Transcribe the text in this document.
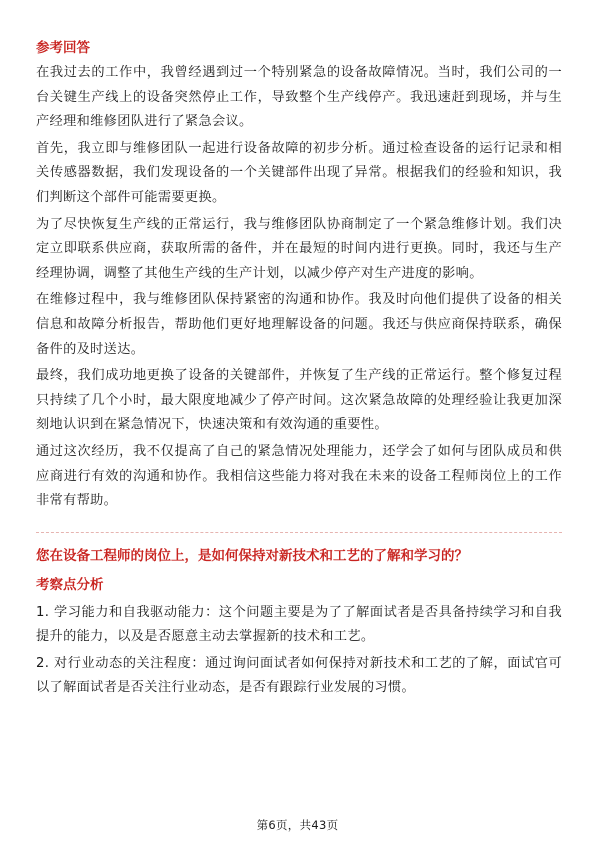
参考回答

在我过去的工作中，我曾经遇到过一个特别紧急的设备故障情况。当时，我们公司的一台关键生产线上的设备突然停止工作，导致整个生产线停产。我迅速赶到现场，并与生产经理和维修团队进行了紧急会议。

首先，我立即与维修团队一起进行设备故障的初步分析。通过检查设备的运行记录和相关传感器数据，我们发现设备的一个关键部件出现了异常。根据我们的经验和知识，我们判断这个部件可能需要更换。

为了尽快恢复生产线的正常运行，我与维修团队协商制定了一个紧急维修计划。我们决定立即联系供应商，获取所需的备件，并在最短的时间内进行更换。同时，我还与生产经理协调，调整了其他生产线的生产计划，以减少停产对生产进度的影响。

在维修过程中，我与维修团队保持紧密的沟通和协作。我及时向他们提供了设备的相关信息和故障分析报告，帮助他们更好地理解设备的问题。我还与供应商保持联系，确保备件的及时送达。

最终，我们成功地更换了设备的关键部件，并恢复了生产线的正常运行。整个修复过程只持续了几个小时，最大限度地减少了停产时间。这次紧急故障的处理经验让我更加深刻地认识到在紧急情况下，快速决策和有效沟通的重要性。

通过这次经历，我不仅提高了自己的紧急情况处理能力，还学会了如何与团队成员和供应商进行有效的沟通和协作。我相信这些能力将对我在未来的设备工程师岗位上的工作非常有帮助。

您在设备工程师的岗位上，是如何保持对新技术和工艺的了解和学习的？
考察点分析

1. 学习能力和自我驱动能力：这个问题主要是为了了解面试者是否具备持续学习和自我提升的能力，以及是否愿意主动去掌握新的技术和工艺。

2. 对行业动态的关注程度：通过询问面试者如何保持对新技术和工艺的了解，面试官可以了解面试者是否关注行业动态，是否有跟踪行业发展的习惯。

第6页，共43页
